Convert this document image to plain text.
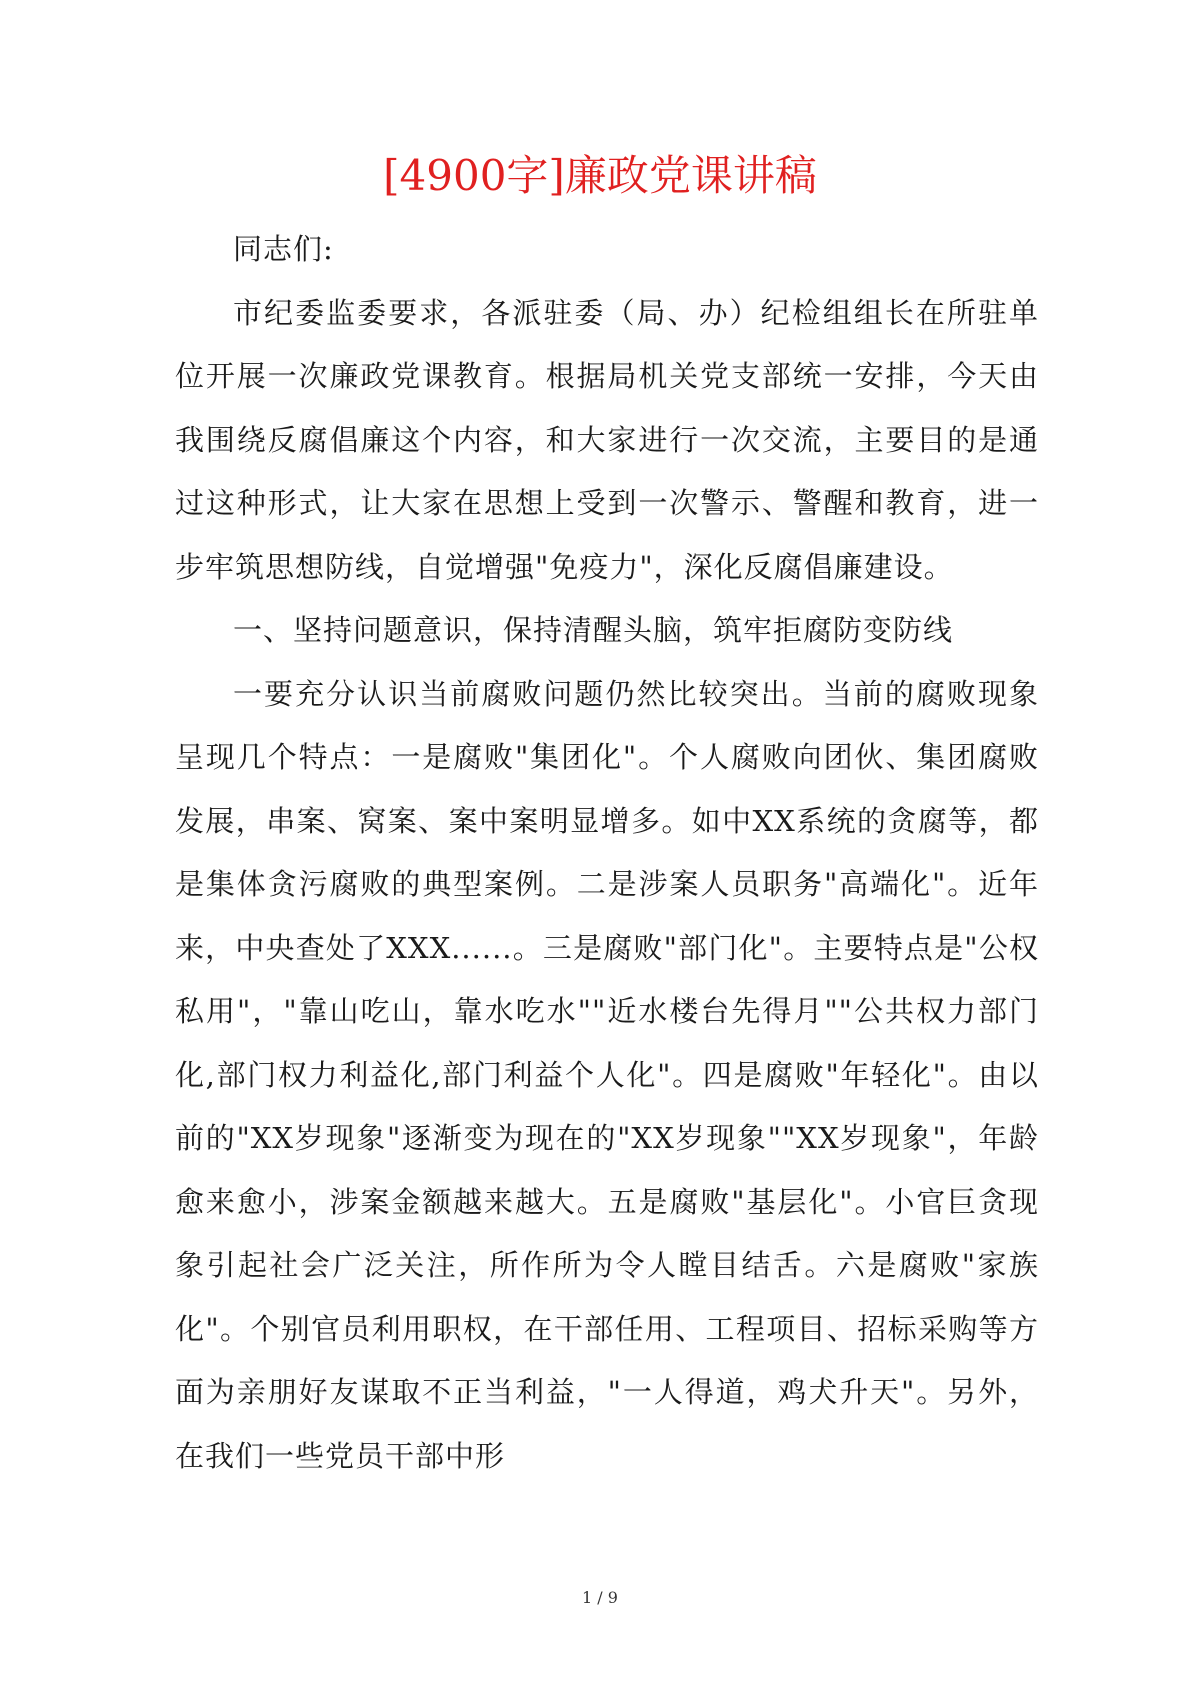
[4900字]廉政党课讲稿

同志们:

市纪委监委要求，各派驻委（局、办）纪检组组长在所驻单位开展一次廉政党课教育。根据局机关党支部统一安排，今天由我围绕反腐倡廉这个内容，和大家进行一次交流，主要目的是通过这种形式，让大家在思想上受到一次警示、警醒和教育，进一步牢筑思想防线，自觉增强"免疫力"，深化反腐倡廉建设。

一、坚持问题意识，保持清醒头脑，筑牢拒腐防变防线

一要充分认识当前腐败问题仍然比较突出。当前的腐败现象呈现几个特点：一是腐败"集团化"。个人腐败向团伙、集团腐败发展，串案、窝案、案中案明显增多。如中XX系统的贪腐等，都是集体贪污腐败的典型案例。二是涉案人员职务"高端化"。近年来，中央查处了XXX......。三是腐败"部门化"。主要特点是"公权私用"，"靠山吃山，靠水吃水""近水楼台先得月""公共权力部门化,部门权力利益化,部门利益个人化"。四是腐败"年轻化"。由以前的"XX岁现象"逐渐变为现在的"XX岁现象""XX岁现象"，年龄愈来愈小，涉案金额越来越大。五是腐败"基层化"。小官巨贪现象引起社会广泛关注，所作所为令人瞠目结舌。六是腐败"家族化"。个别官员利用职权，在干部任用、工程项目、招标采购等方面为亲朋好友谋取不正当利益，"一人得道，鸡犬升天"。另外，在我们一些党员干部中形

1 / 9
